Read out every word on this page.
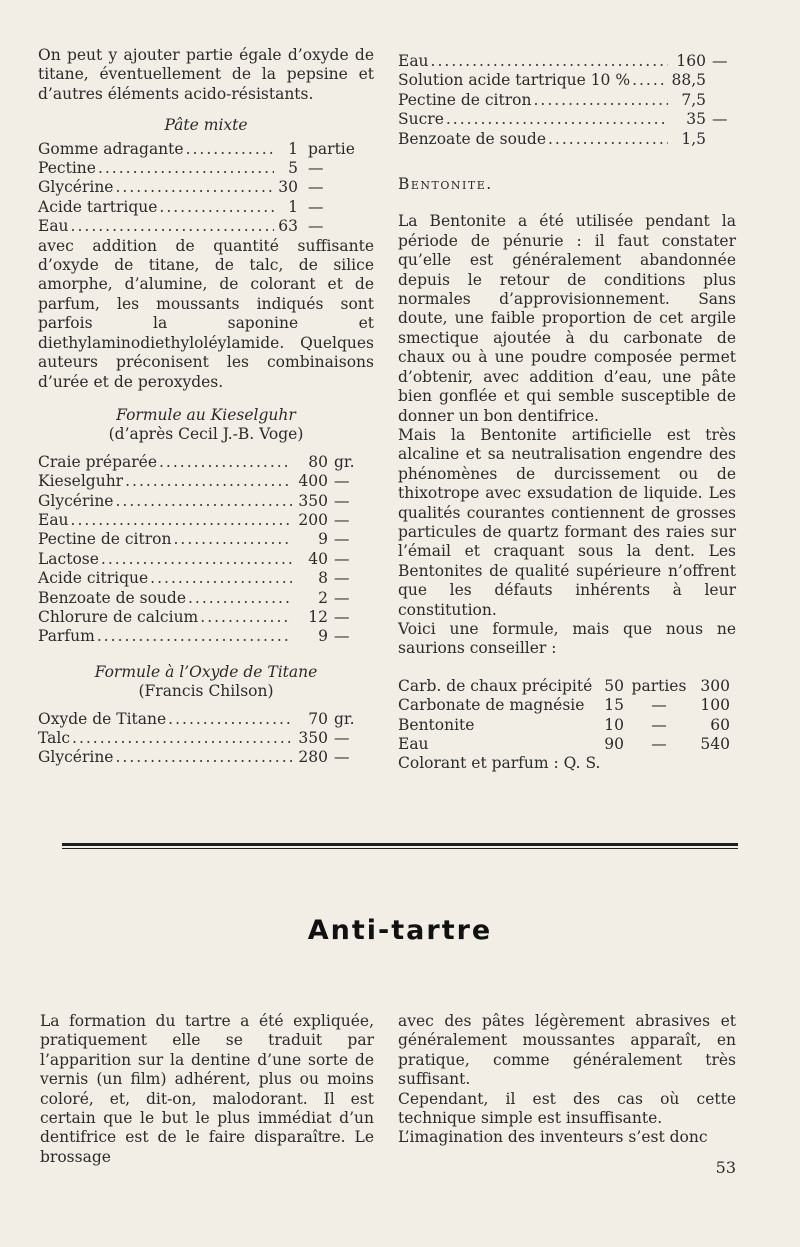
On peut y ajouter partie égale d’oxyde de titane, éventuellement de la pepsine et d’autres éléments acido-résistants.

Pâte mixte

Gomme adragante .....	1 partie
Pectine .....	5 —
Glycérine .....	30 —
Acide tartrique .....	1 —
Eau .....	63 —

avec addition de quantité suffisante d’oxyde de titane, de talc, de silice amorphe, d’alumine, de colorant et de parfum, les moussants indiqués sont parfois la saponine et diethylaminodiethyloléylamide. Quelques auteurs préconisent les combinaisons d’urée et de peroxydes.

Formule au Kieselguhr

(d’après Cecil J.-B. Voge)

Craie préparée .....	80 gr.
Kieselguhr .....	400 —
Glycérine .....	350 —
Eau .....	200 —
Pectine de citron .....	9 —
Lactose .....	40 —
Acide citrique .....	8 —
Benzoate de soude .....	2 —
Chlorure de calcium .....	12 —
Parfum .....	9 —

Formule à l’Oxyde de Titane

(Francis Chilson)

Oxyde de Titane .....	70 gr.
Talc .....	350 —
Glycérine .....	280 —
Eau .....	160 —
Solution acide tartrique 10 % .....	88,5
Pectine de citron .....	7,5
Sucre .....	35 —
Benzoate de soude .....	1,5

Bentonite.

La Bentonite a été utilisée pendant la période de pénurie : il faut constater qu’elle est généralement abandonnée depuis le retour de conditions plus normales d’approvisionnement. Sans doute, une faible proportion de cet argile smectique ajoutée à du carbonate de chaux ou à une poudre composée permet d’obtenir, avec addition d’eau, une pâte bien gonflée et qui semble susceptible de donner un bon dentifrice.

Mais la Bentonite artificielle est très alcaline et sa neutralisation engendre des phénomènes de durcissement ou de thixotrope avec exsudation de liquide. Les qualités courantes contiennent de grosses particules de quartz formant des raies sur l’émail et craquant sous la dent. Les Bentonites de qualité supérieure n’offrent que les défauts inhérents à leur constitution.

Voici une formule, mais que nous ne saurions conseiller :

Carb. de chaux précipité	50	parties	300
Carbonate de magnésie	15	—	100
Bentonite	10	—	60
Eau	90	—	540

Colorant et parfum : Q. S.

Anti-tartre

La formation du tartre a été expliquée, pratiquement elle se traduit par l’apparition sur la dentine d’une sorte de vernis (un film) adhérent, plus ou moins coloré, et, dit-on, malodorant. Il est certain que le but le plus immédiat d’un dentifrice est de le faire disparaître. Le brossage

avec des pâtes légèrement abrasives et généralement moussantes apparaît, en pratique, comme généralement très suffisant.

Cependant, il est des cas où cette technique simple est insuffisante.

L’imagination des inventeurs s’est donc

53
